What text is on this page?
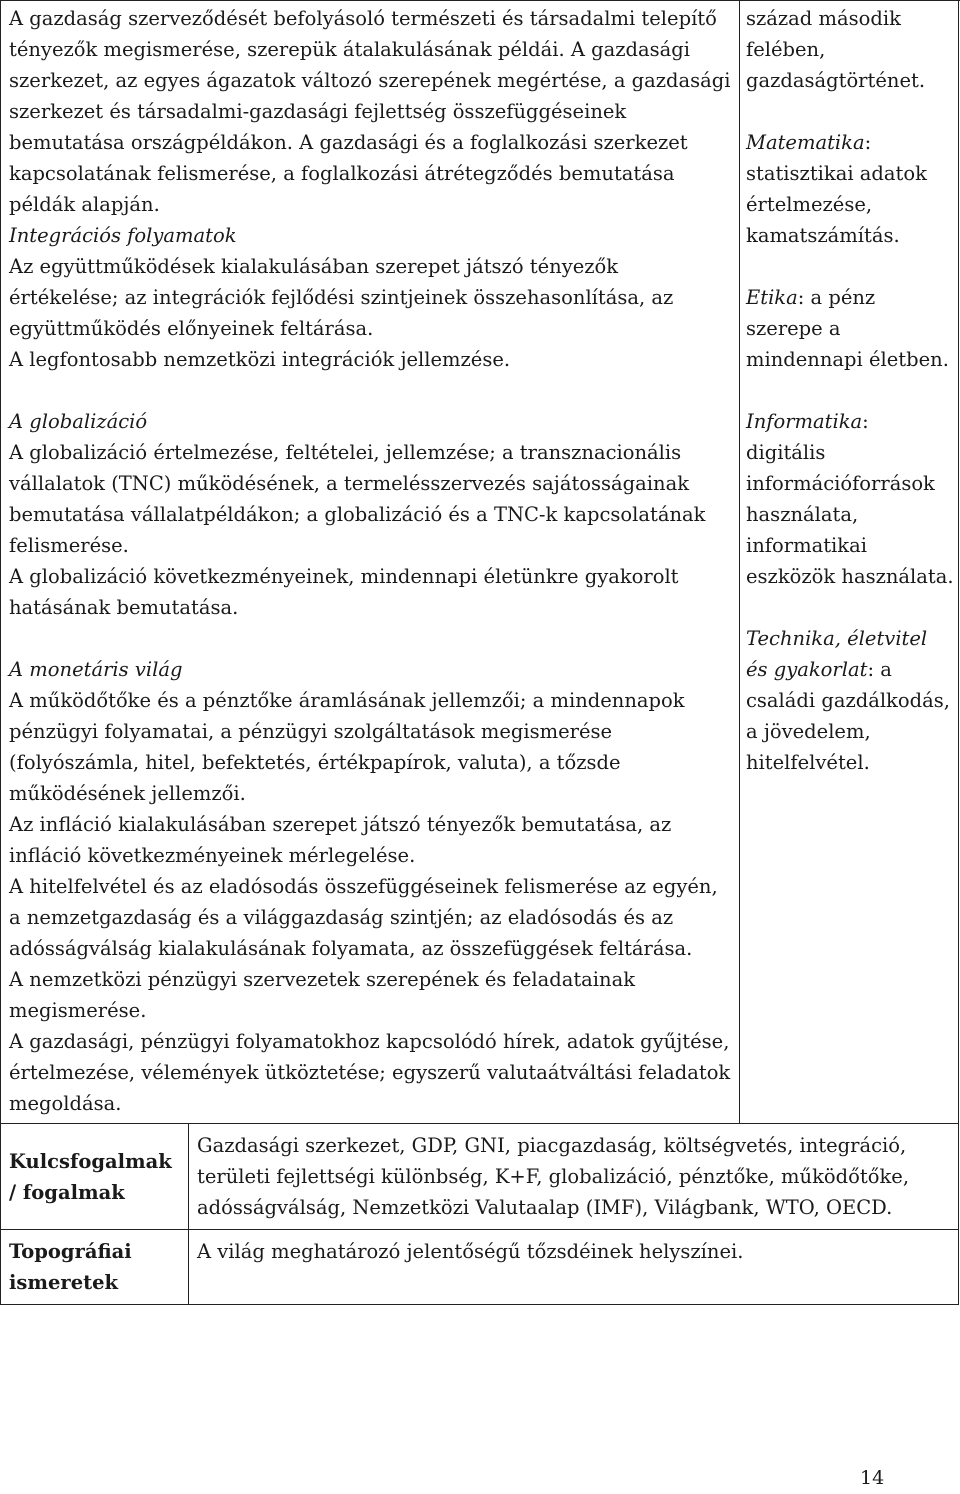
A gazdaság szerveződését befolyásoló természeti és társadalmi telepítő tényezők megismerése, szerepük átalakulásának példái. A gazdasági szerkezet, az egyes ágazatok változó szerepének megértése, a gazdasági szerkezet és társadalmi-gazdasági fejlettség összefüggéseinek bemutatása országpéldákon. A gazdasági és a foglalkozási szerkezet kapcsolatának felismerése, a foglalkozási átrétegződés bemutatása példák alapján.

Integrációs folyamatok

Az együttműködések kialakulásában szerepet játszó tényezők értékelése; az integrációk fejlődési szintjeinek összehasonlítása, az együttműködés előnyeinek feltárása.

A legfontosabb nemzetközi integrációk jellemzése.

A globalizáció

A globalizáció értelmezése, feltételei, jellemzése; a transznacionális vállalatok (TNC) működésének, a termelésszervezés sajátosságainak bemutatása vállalatpéldákon; a globalizáció és a TNC-k kapcsolatának felismerése.

A globalizáció következményeinek, mindennapi életünkre gyakorolt hatásának bemutatása.

A monetáris világ

A működőtőke és a pénztőke áramlásának jellemzői; a mindennapok pénzügyi folyamatai, a pénzügyi szolgáltatások megismerése (folyószámla, hitel, befektetés, értékpapírok, valuta), a tőzsde működésének jellemzői.

Az infláció kialakulásában szerepet játszó tényezők bemutatása, az infláció következményeinek mérlegelése.

A hitelfelvétel és az eladósodás összefüggéseinek felismerése az egyén, a nemzetgazdaság és a világgazdaság szintjén; az eladósodás és az adósságválság kialakulásának folyamata, az összefüggések feltárása.

A nemzetközi pénzügyi szervezetek szerepének és feladatainak megismerése.

A gazdasági, pénzügyi folyamatokhoz kapcsolódó hírek, adatok gyűjtése, értelmezése, vélemények ütköztetése; egyszerű valutaátváltási feladatok megoldása.

század második felében, gazdaságtörténet.

Matematika: statisztikai adatok értelmezése, kamatszámítás.

Etika: a pénz szerepe a mindennapi életben.

Informatika: digitális információforrások használata, informatikai eszközök használata.

Technika, életvitel és gyakorlat: a családi gazdálkodás, a jövedelem, hitelfelvétel.

Kulcsfogalmak / fogalmak

Gazdasági szerkezet, GDP, GNI, piacgazdaság, költségvetés, integráció, területi fejlettségi különbség, K+F, globalizáció, pénztőke, működőtőke, adósságválság, Nemzetközi Valutaalap (IMF), Világbank, WTO, OECD.

Topográfiai ismeretek

A világ meghatározó jelentőségű tőzsdéinek helyszínei.

14
